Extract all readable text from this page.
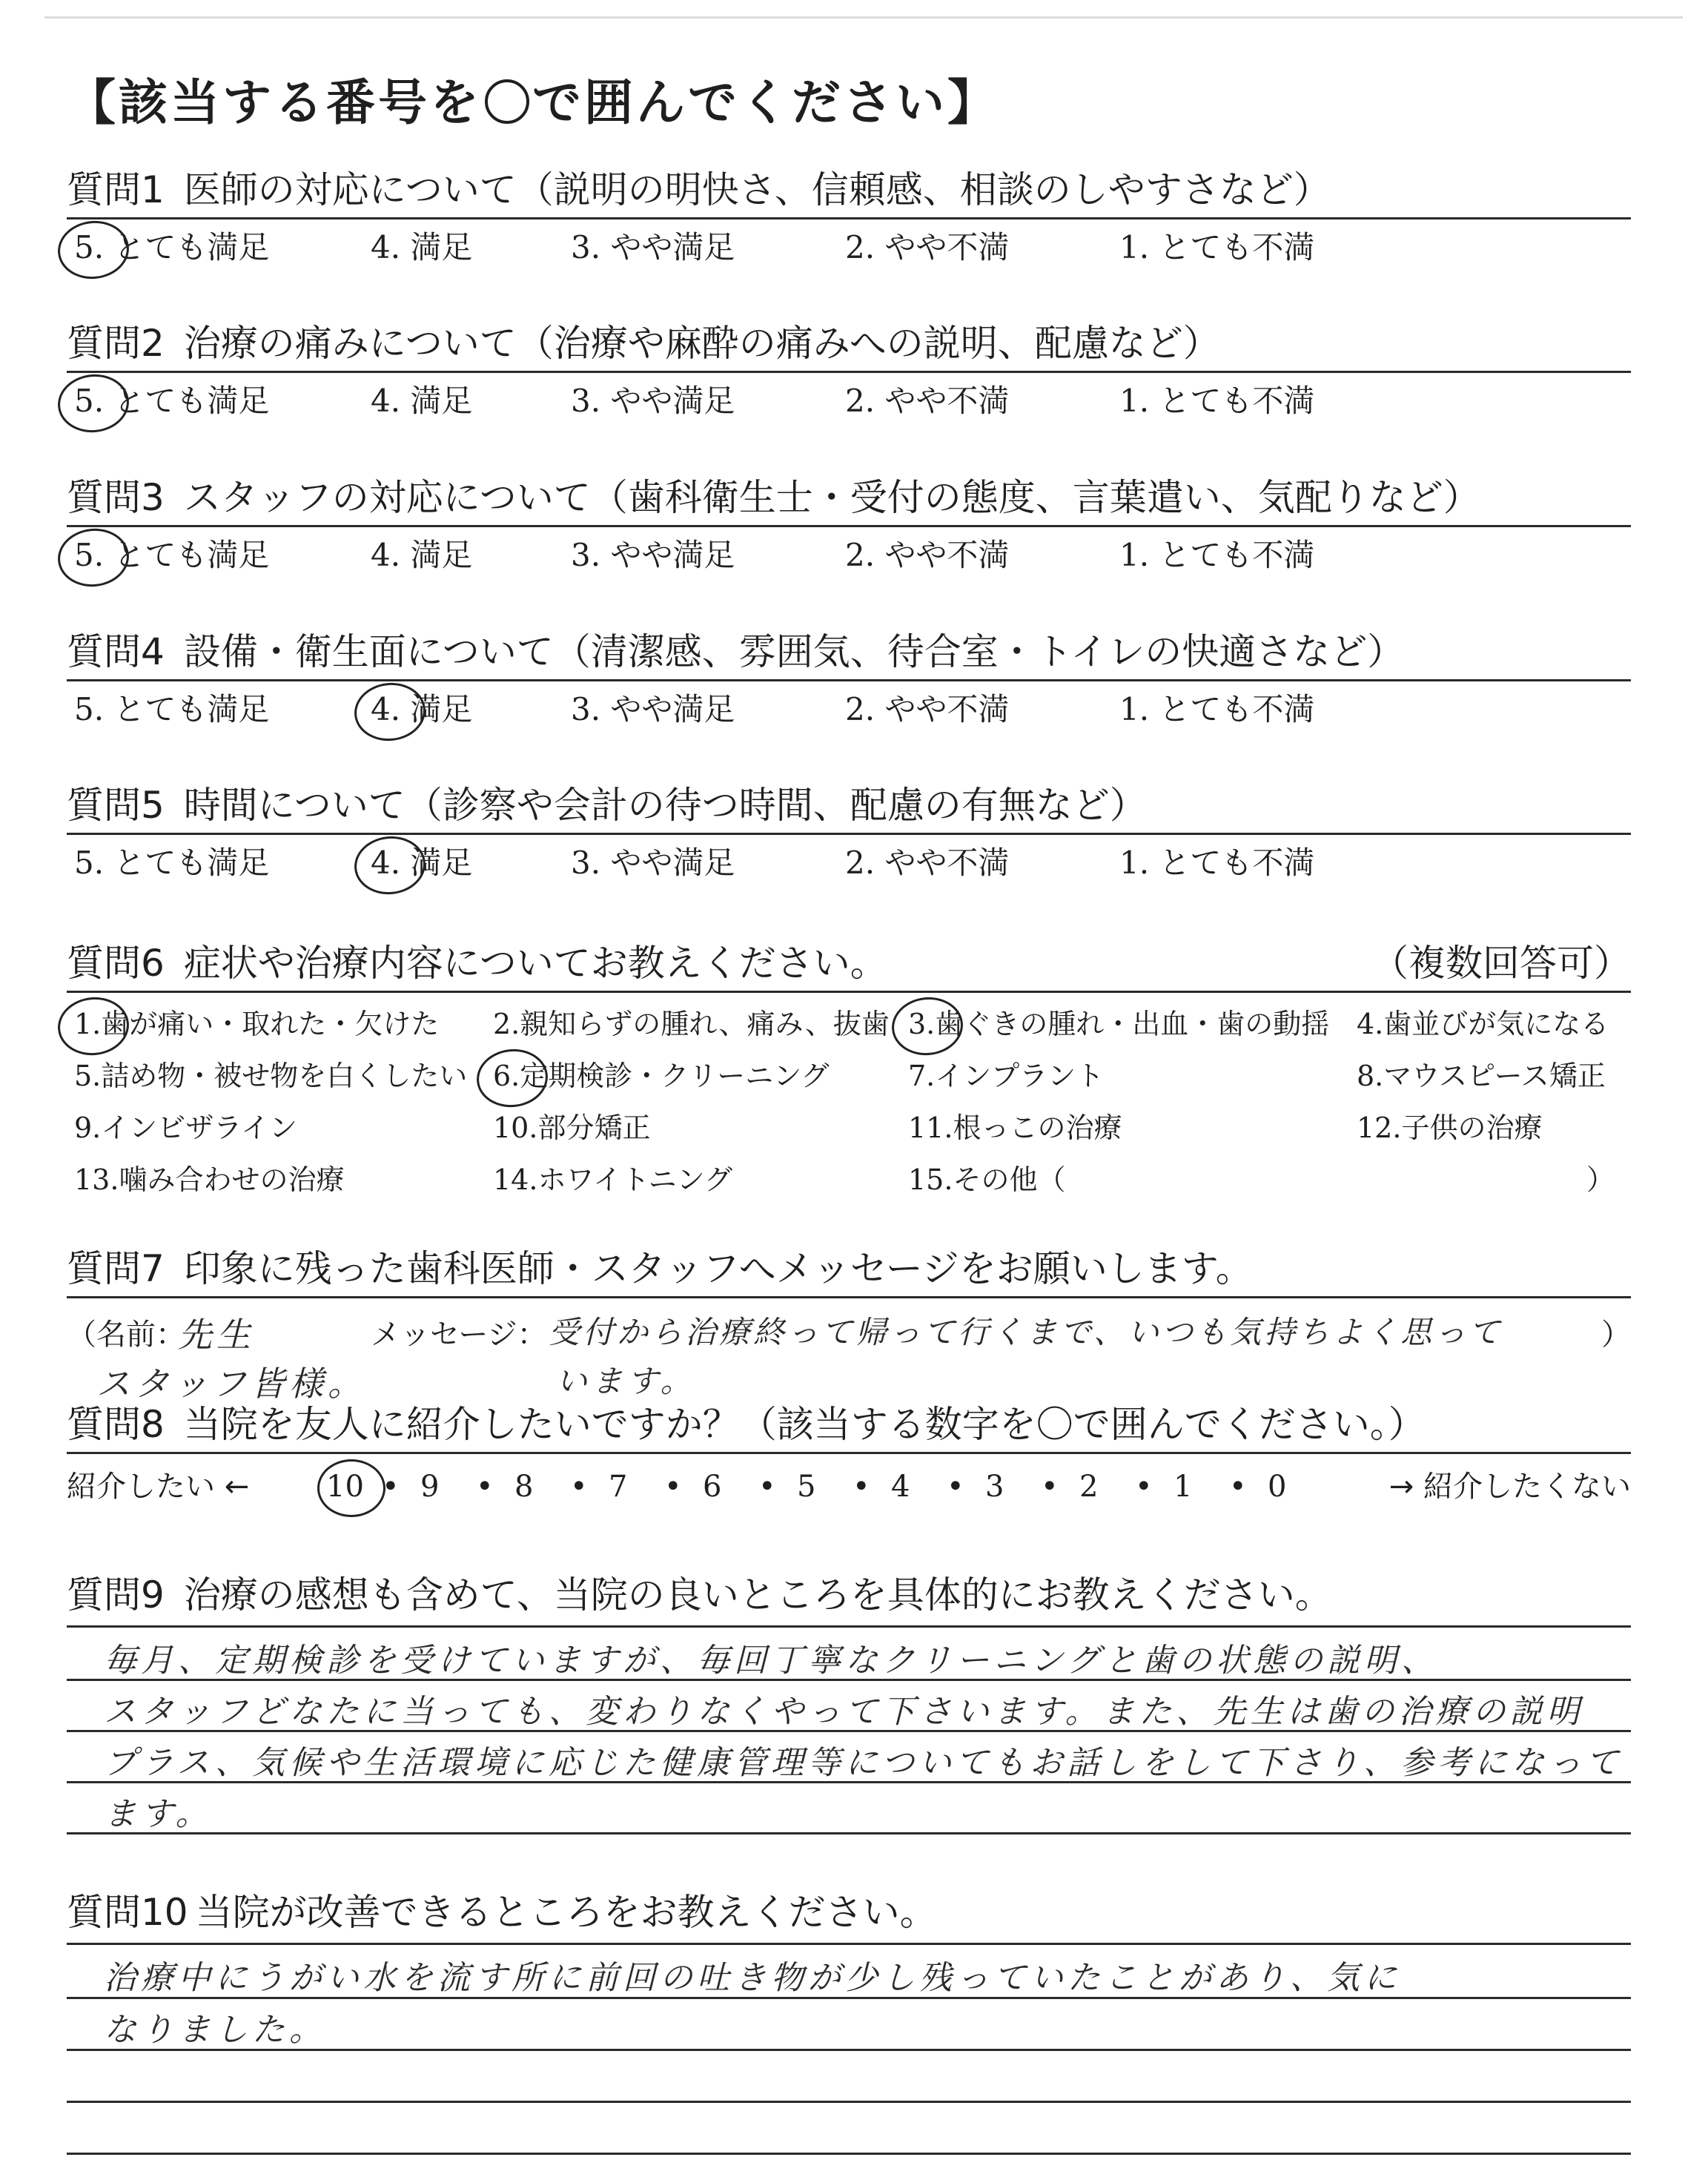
【該当する番号を ○ で囲んでください】
質問1 医師の対応について（説明の明快さ、信頼感、相談のしやすさなど）
5. とても満足	4. 満足	3. やや満足	2. やや不満	1. とても不満
質問2 治療の痛みについて（治療や麻酔の痛みへの説明、配慮など）
5. とても満足	4. 満足	3. やや満足	2. やや不満	1. とても不満
質問3 スタッフの対応について（歯科衛生士・受付の態度、言葉遣い、気配りなど）
5. とても満足	4. 満足	3. やや満足	2. やや不満	1. とても不満
質問4 設備・衛生面について（清潔感、雰囲気、待合室・トイレの快適さなど）
5. とても満足	4. 満足	3. やや満足	2. やや不満	1. とても不満
質問5 時間について（診察や会計の待つ時間、配慮の有無など）
5. とても満足	4. 満足	3. やや満足	2. やや不満	1. とても不満
質問6 症状や治療内容についてお教えください。	（複数回答可）
1.歯が痛い・取れた・欠けた 2.親知らずの腫れ、痛み、抜歯 3.歯ぐきの腫れ・出血・歯の動揺 4.歯並びが気になる
5.詰め物・被せ物を白くしたい 6.定期検診・クリーニング	7.インプラント	8.マウスピース矯正
9.インビザライン	10.部分矯正	11.根っこの治療	12.子供の治療
13.噛み合わせの治療	14.ホワイトニング	15.その他（	）
質問7 印象に残った歯科医師・スタッフへメッセージをお願いします。
（名前：
先生
スタッフ皆様。
メッセージ： 受付から治療終って帰って行くまで、いつも気持ちよく思って
います。
）
質問8 当院を友人に紹介したいですか？（該当する数字を〇で囲んでください。）
紹介したい ←	→ 紹介したくない
10 • 9 • 8 • 7 • 6 • 5 • 4 • 3 • 2 • 1 • 0
質問9 治療の感想も含めて、当院の良いところを具体的にお教えください。
毎月、定期検診を受けていますが、毎回丁寧なクリーニングと歯の状態の説明、
スタッフどなたに当っても、変わりなくやって下さいます。また、先生は歯の治療の説明
プラス、気候や生活環境に応じた健康管理等についてもお話しをして下さり、参考になって
ます。
質問10 当院が改善できるところをお教えください。
治療中にうがい水を流す所に前回の吐き物が少し残っていたことがあり、気に
なりました。
